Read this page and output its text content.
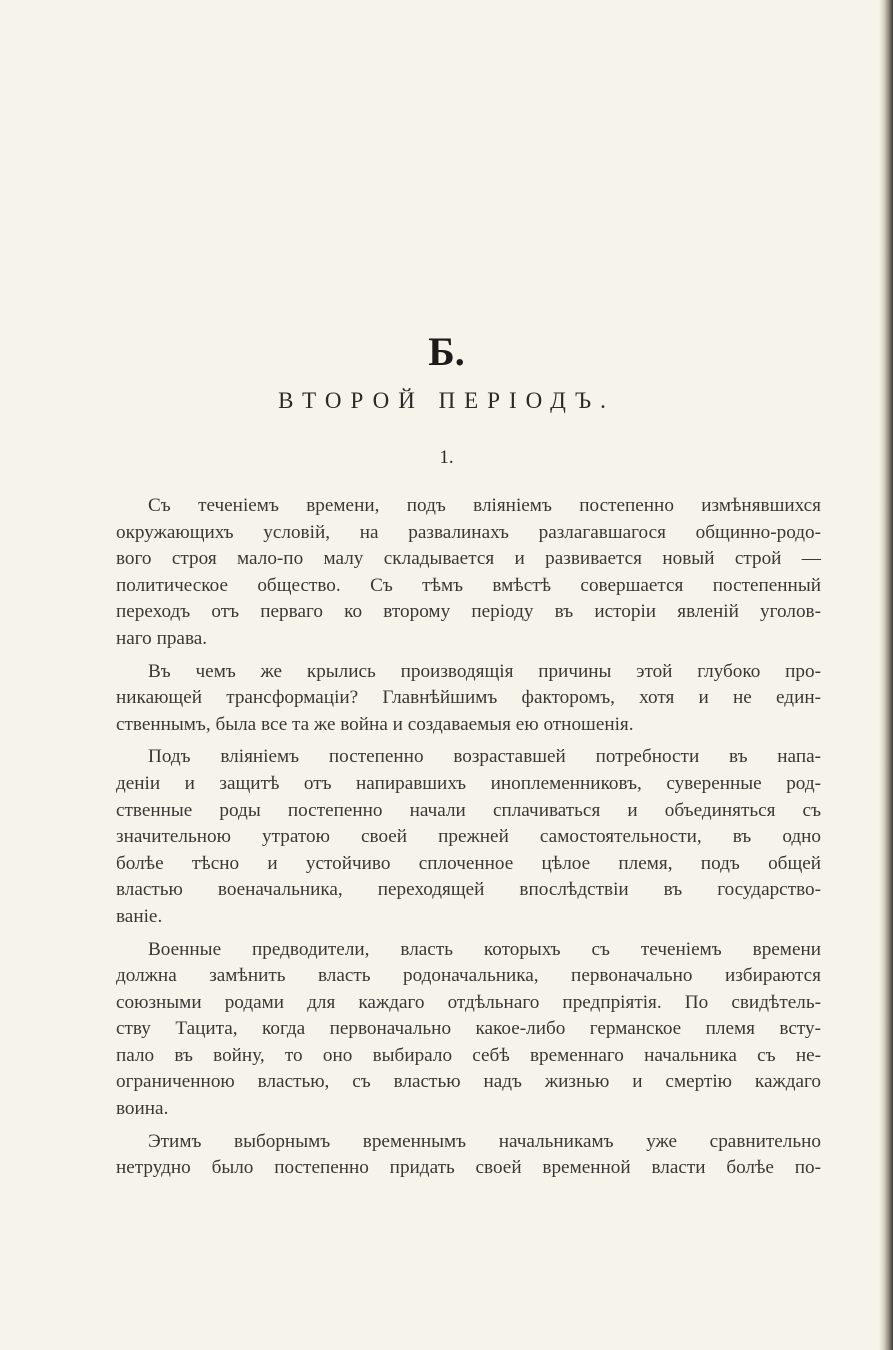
Б.
ВТОРОЙ ПЕРІОДЪ.
1.
Съ теченіемъ времени, подъ вліяніемъ постепенно измѣнявшихся
окружающихъ условій, на развалинахъ разлагавшагося общинно-родо-
вого строя мало-по малу складывается и развивается новый строй —
политическое общество. Съ тѣмъ вмѣстѣ совершается постепенный
переходъ отъ перваго ко второму періоду въ исторіи явленій уголов-
наго права.
Въ чемъ же крылись производящія причины этой глубоко про-
никающей трансформаціи? Главнѣйшимъ факторомъ, хотя и не един-
ственнымъ, была все та же война и создаваемыя ею отношенія.
Подъ вліяніемъ постепенно возраставшей потребности въ напа-
деніи и защитѣ отъ напиравшихъ иноплеменниковъ, суверенные род-
ственные роды постепенно начали сплачиваться и объединяться съ
значительною утратою своей прежней самостоятельности, въ одно
болѣе тѣсно и устойчиво сплоченное цѣлое племя, подъ общей
властью военачальника, переходящей впослѣдствіи въ государство-
ваніе.
Военные предводители, власть которыхъ съ теченіемъ времени
должна замѣнить власть родоначальника, первоначально избираются
союзными родами для каждаго отдѣльнаго предпріятія. По свидѣтель-
ству Тацита, когда первоначально какое-либо германское племя всту-
пало въ войну, то оно выбирало себѣ временнаго начальника съ не-
ограниченною властью, съ властью надъ жизнью и смертію каждаго
воина.
Этимъ выборнымъ временнымъ начальникамъ уже сравнительно
нетрудно было постепенно придать своей временной власти болѣе по-
